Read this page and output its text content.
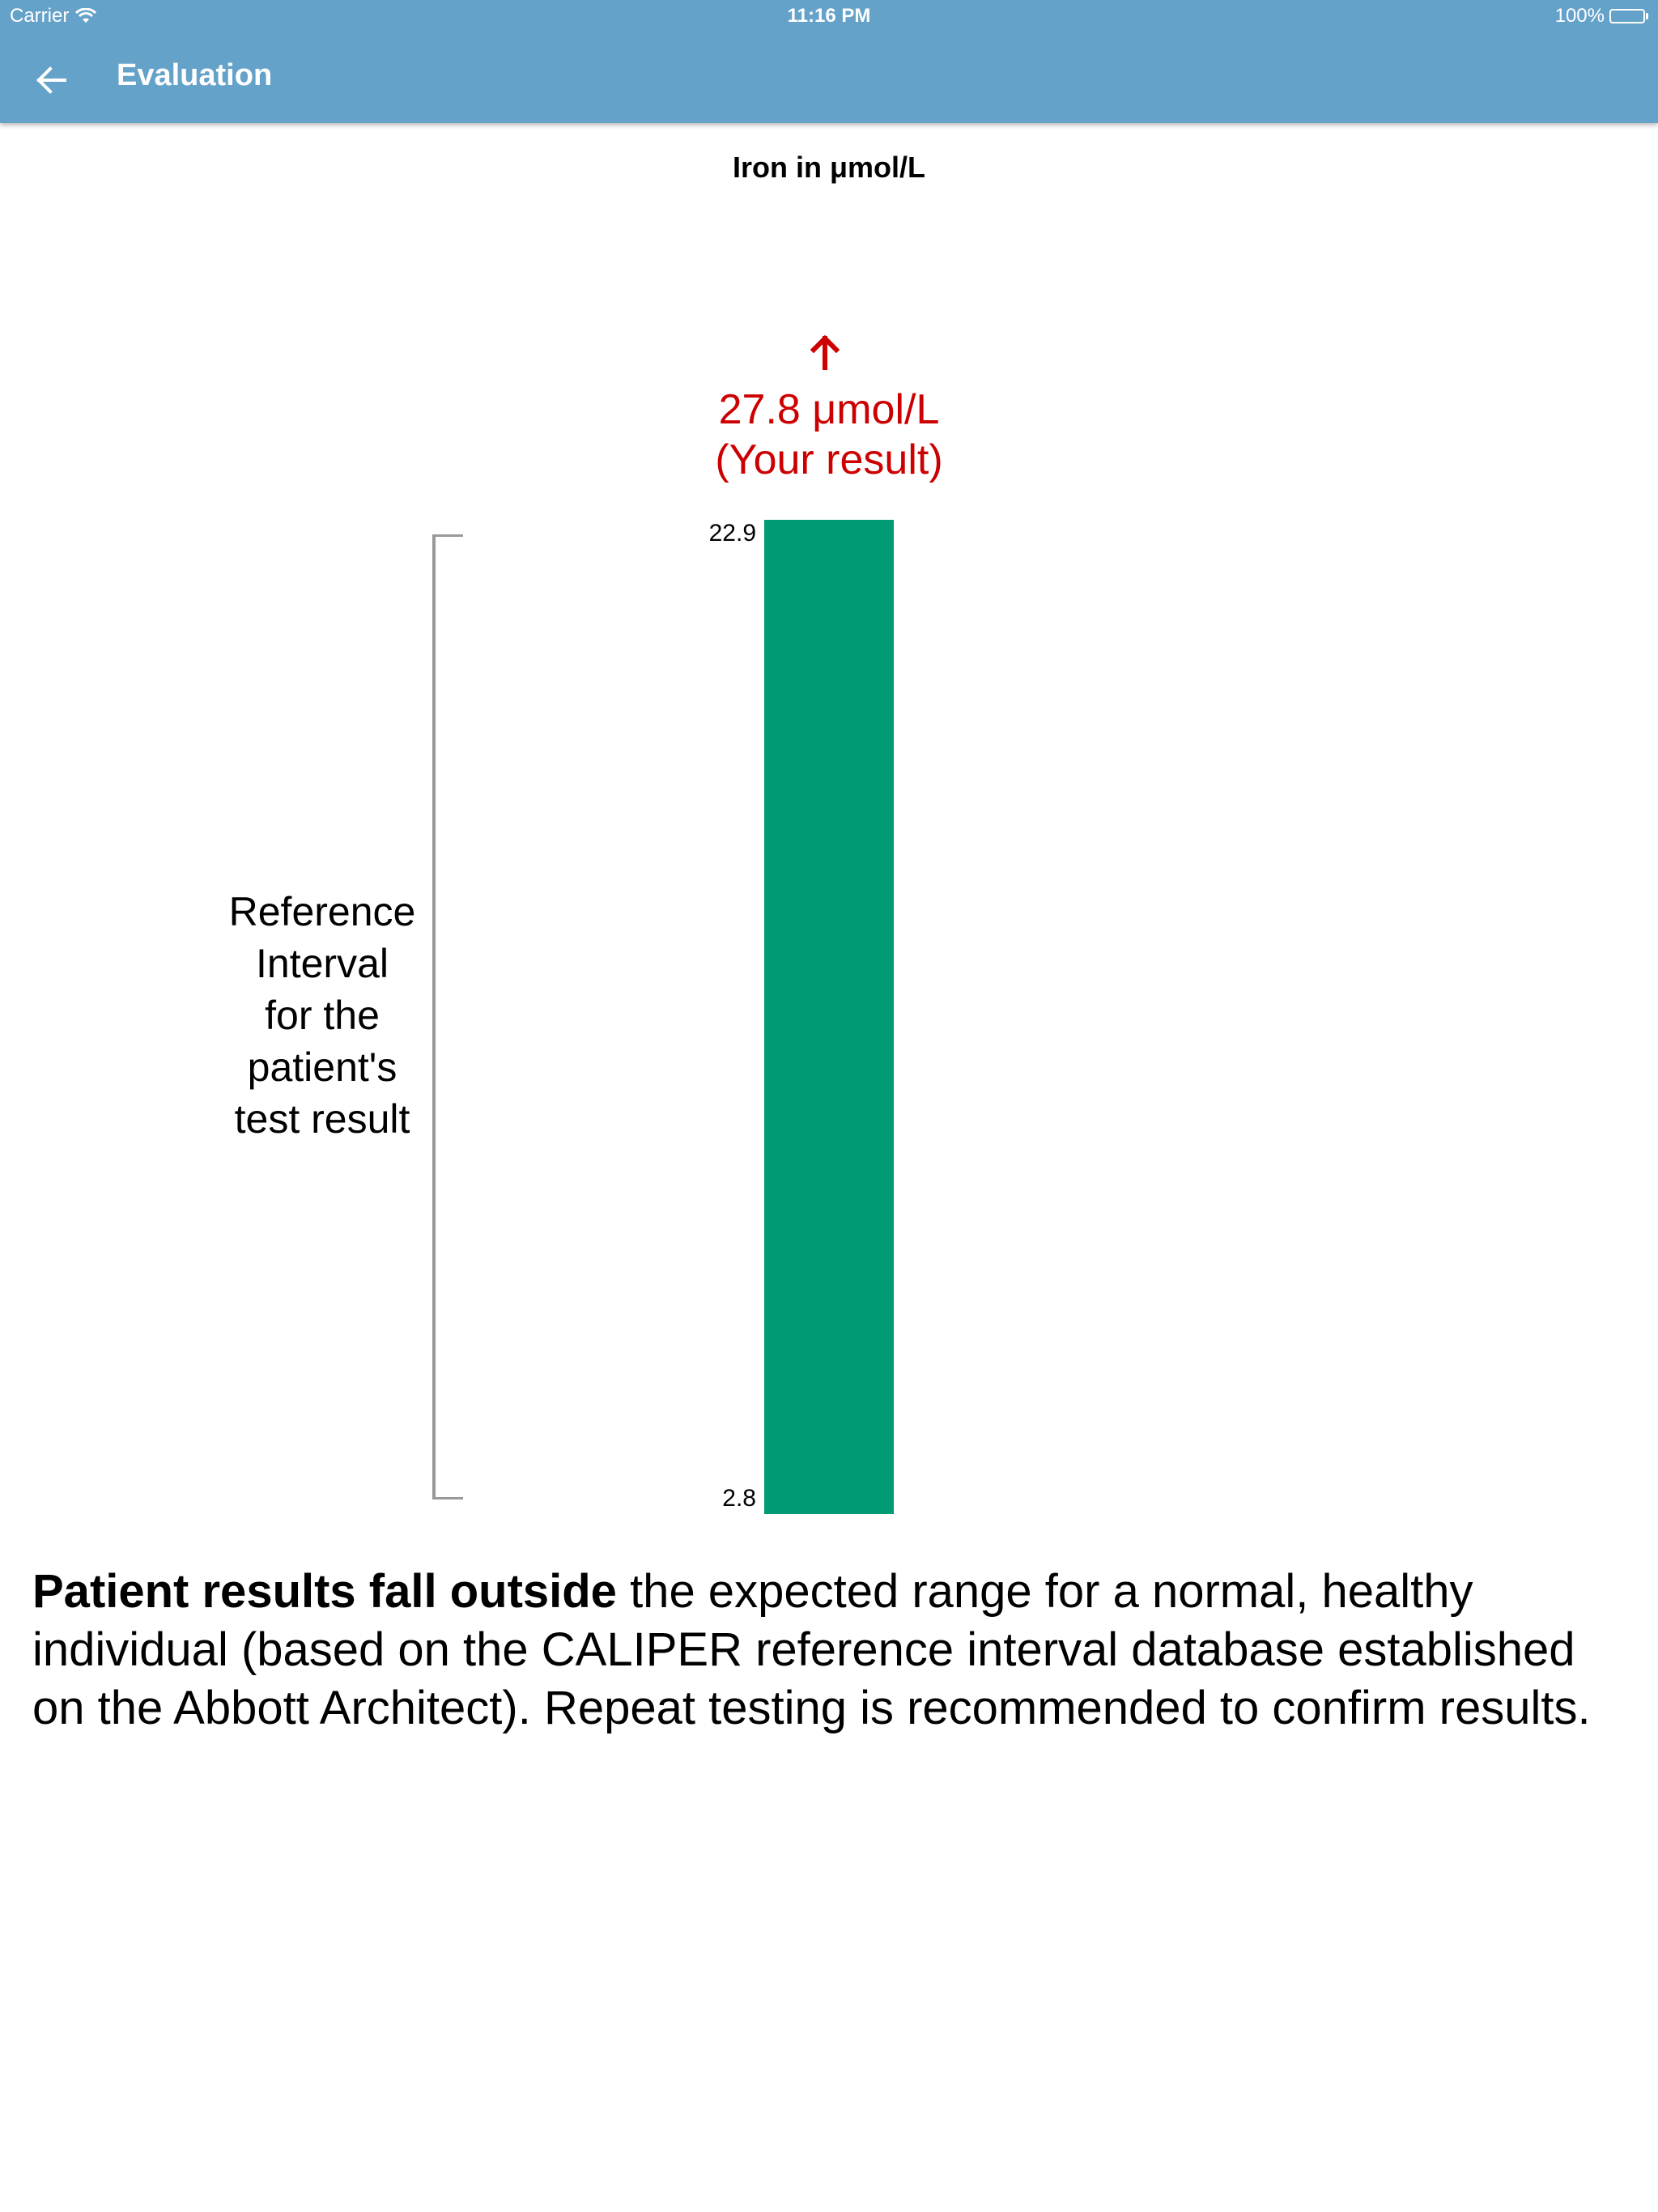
Carrier	11:16 PM	100%
Evaluation
Iron in μmol/L
27.8 μmol/L
(Your result)
22.9
2.8
Reference
Interval
for the
patient's
test result
Patient results fall outside the expected range for a normal, healthy individual (based on the CALIPER reference interval database established on the Abbott Architect). Repeat testing is recommended to confirm results.
